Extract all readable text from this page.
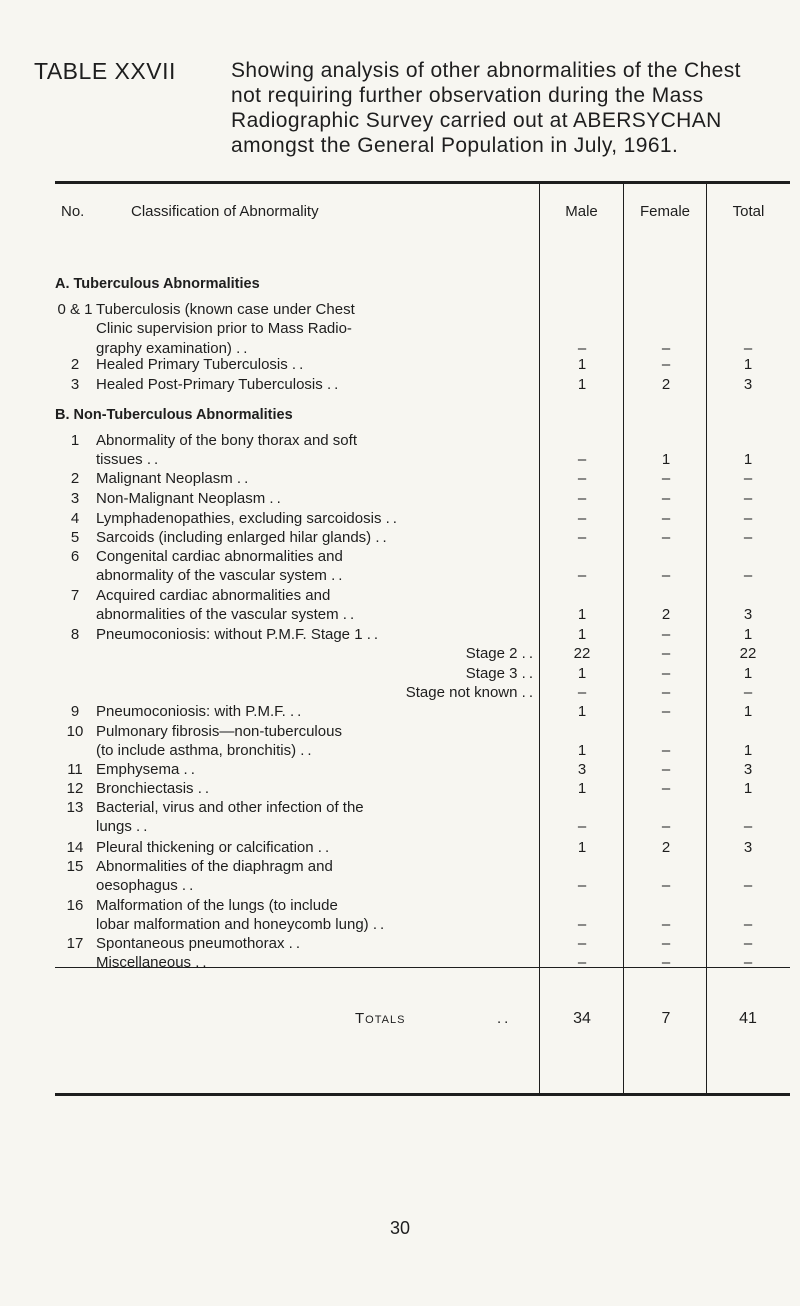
TABLE XXVII	Showing analysis of other abnormalities of the Chest not requiring further observation during the Mass Radiographic Survey carried out at ABERSYCHAN amongst the General Population in July, 1961.
No.	Classification of Abnormality	Male	Female	Total
A. Tuberculous Abnormalities
0 & 1 Tuberculosis (known case under Chest
Clinic supervision prior to Mass Radio-
graphy examination) ..	–	–	–
2	Healed Primary Tuberculosis ..	1	–	1
3	Healed Post-Primary Tuberculosis ..	1	2	3
B. Non-Tuberculous Abnormalities
1	Abnormality of the bony thorax and soft
tissues ..	–	1	1
2	Malignant Neoplasm ..	–	–	–
3	Non-Malignant Neoplasm ..	–	–	–
4	Lymphadenopathies, excluding sarcoidosis ..	–	–	–
5	Sarcoids (including enlarged hilar glands) ..	–	–	–
6	Congenital cardiac abnormalities and
abnormality of the vascular system ..	–	–	–
7	Acquired cardiac abnormalities and
abnormalities of the vascular system ..	1	2	3
8	Pneumoconiosis: without P.M.F. Stage 1 ..	1	–	1
Stage 2 ..	22	–	22
Stage 3 ..	1	–	1
Stage not known ..	–	–	–
9	Pneumoconiosis: with P.M.F. ..	1	–	1
10 Pulmonary fibrosis—non-tuberculous
(to include asthma, bronchitis) ..	1	–	1
11 Emphysema ..	3	–	3
12 Bronchiectasis ..	1	–	1
13 Bacterial, virus and other infection of the
lungs ..	–	–	–
14 Pleural thickening or calcification ..	1	2	3
15 Abnormalities of the diaphragm and
oesophagus ..	–	–	–
16 Malformation of the lungs (to include
lobar malformation and honeycomb lung) ..	–	–	–
17 Spontaneous pneumothorax ..	–	–	–
Miscellaneous ..	–	–	–
Totals	..	34	7	41
30
